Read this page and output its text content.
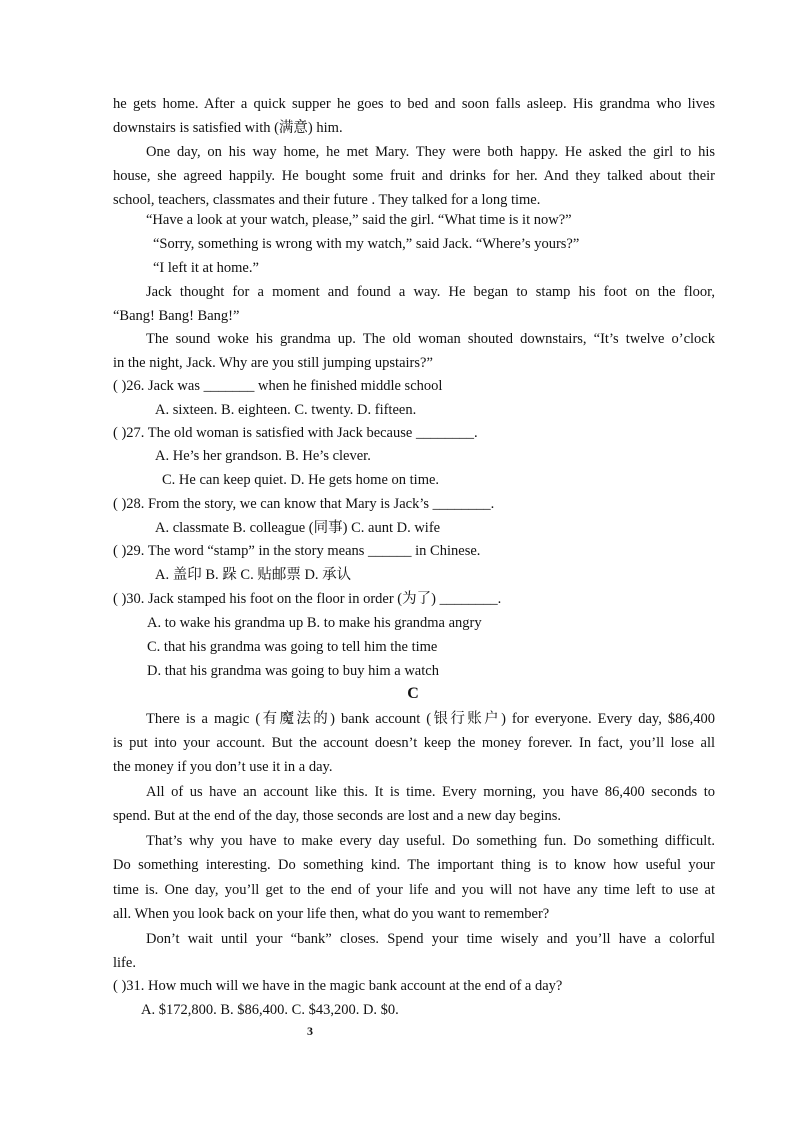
he gets home. After a quick supper he goes to bed and soon falls asleep. His grandma who lives
downstairs is satisfied with (满意) him.
One day, on his way home, he met Mary. They were both happy. He asked the girl to his
house, she agreed happily. He bought some fruit and drinks for her. And they talked about their
school, teachers, classmates and their future . They talked for a long time.
“Have a look at your watch, please,” said the girl. “What time is it now?”
“Sorry, something is wrong with my watch,” said Jack. “Where’s yours?”
“I left it at home.”
Jack thought for a moment and found a way. He began to stamp his foot on the floor,
“Bang! Bang! Bang!”
The sound woke his grandma up. The old woman shouted downstairs, “It’s twelve o’clock
in the night, Jack. Why are you still jumping upstairs?”
( )26. Jack was _______ when he finished middle school
A. sixteen. B. eighteen. C. twenty. D. fifteen.
( )27. The old woman is satisfied with Jack because ________.
A. He’s her grandson. B. He’s clever.
C. He can keep quiet. D. He gets home on time.
( )28. From the story, we can know that Mary is Jack’s ________.
A. classmate B. colleague (同事) C. aunt D. wife
( )29. The word “stamp” in the story means ______ in Chinese.
A. 盖印 B. 跺 C. 贴邮票 D. 承认
( )30. Jack stamped his foot on the floor in order (为了) ________.
A. to wake his grandma up B. to make his grandma angry
C. that his grandma was going to tell him the time
D. that his grandma was going to buy him a watch
C
There is a magic (有魔法的) bank account (银行账户) for everyone. Every day, $86,400
is put into your account. But the account doesn’t keep the money forever. In fact, you’ll lose all
the money if you don’t use it in a day.
All of us have an account like this. It is time. Every morning, you have 86,400 seconds to
spend. But at the end of the day, those seconds are lost and a new day begins.
That’s why you have to make every day useful. Do something fun. Do something difficult.
Do something interesting. Do something kind. The important thing is to know how useful your
time is. One day, you’ll get to the end of your life and you will not have any time left to use at
all. When you look back on your life then, what do you want to remember?
Don’t wait until your “bank” closes. Spend your time wisely and you’ll have a colorful
life.
( )31. How much will we have in the magic bank account at the end of a day?
A. $172,800. B. $86,400. C. $43,200. D. $0.
3
